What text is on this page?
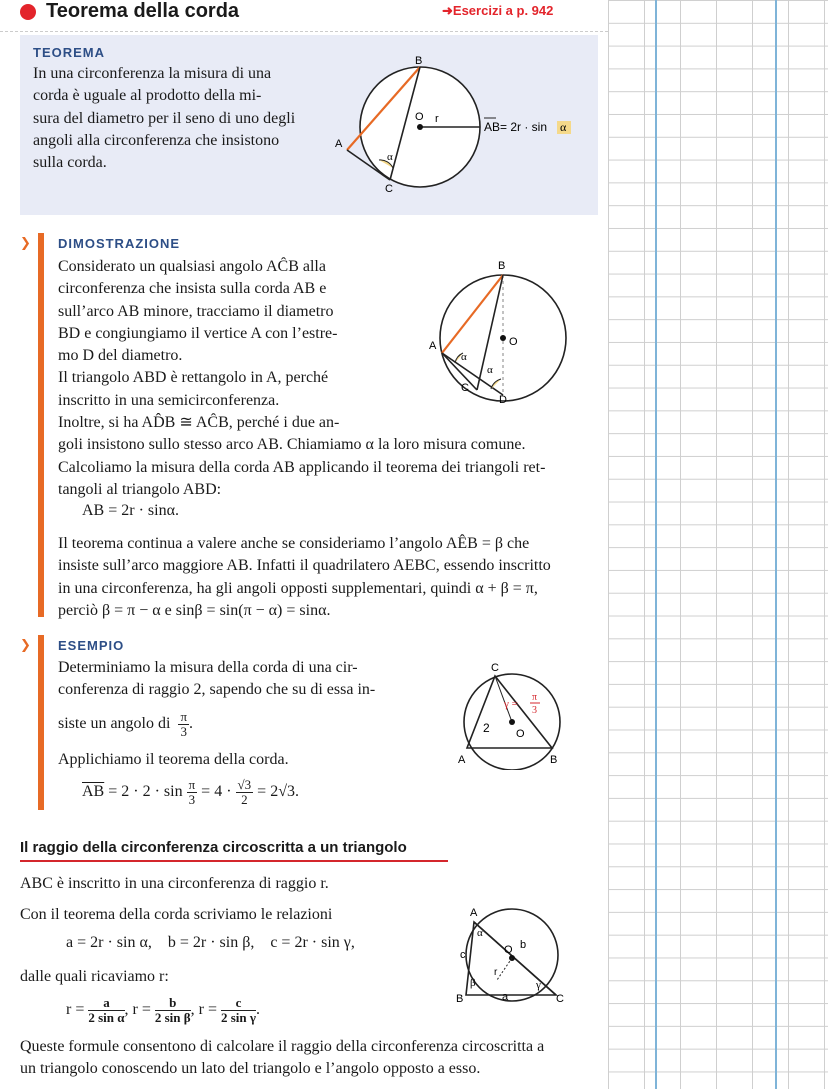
Teorema della corda	➜Esercizi a p. 942
TEOREMA
In una circonferenza la misura di una
corda è uguale al prodotto della mi-
sura del diametro per il seno di uno degli
angoli alla circonferenza che insistono
sulla corda.
B
A
C
O r
α
AB = 2r · sin α
❯ DIMOSTRAZIONE
Considerato un qualsiasi angolo AĈB alla
circonferenza che insista sulla corda AB e
sull’arco AB minore, tracciamo il diametro
BD e congiungiamo il vertice A con l’estre-
mo D del diametro.
Il triangolo ABD è rettangolo in A, perché
inscritto in una semicirconferenza.
Inoltre, si ha AD̂B ≅ AĈB, perché i due an-
goli insistono sullo stesso arco AB. Chiamiamo α la loro misura comune.
Calcoliamo la misura della corda AB applicando il teorema dei triangoli ret-
tangoli al triangolo ABD:
AB = 2r · sinα.
Il teorema continua a valere anche se consideriamo l’angolo AÊB = β che
insiste sull’arco maggiore AB. Infatti il quadrilatero AEBC, essendo inscritto
in una circonferenza, ha gli angoli opposti supplementari, quindi α + β = π,
perciò β = π − α e sinβ = sin(π − α) = sinα.
B
A
C
D
O
α
α
❯ ESEMPIO
Determiniamo la misura della corda di una cir-
conferenza di raggio 2, sapendo che su di essa in-
siste un angolo di $\frac{\pi}{3}$ .
Applichiamo il teorema della corda.
$\overline{AB} = 2 \cdot 2 \cdot \sin \frac{\pi}{3} = 4 \cdot \frac{√3}{2} = 2√3$.
C
A	B
O
2
γ =
π
3
Il raggio della circonferenza circoscritta a un triangolo
ABC è inscritto in una circonferenza di raggio r.
Con il teorema della corda scriviamo le relazioni
a = 2r · sin α,    b = 2r · sin β,    c = 2r · sin γ,
dalle quali ricaviamo r:
$r = \frac{a}{\text{2 sin α}}$ , $r = \frac{b}{\text{2 sin β}}$ , $r = \frac{c}{\text{2 sin γ}}$ .
Queste formule consentono di calcolare il raggio della circonferenza circoscritta a
un triangolo conoscendo un lato del triangolo e l’angolo opposto a esso.
A
B	C
O b
c
a
r
α
β	γ
